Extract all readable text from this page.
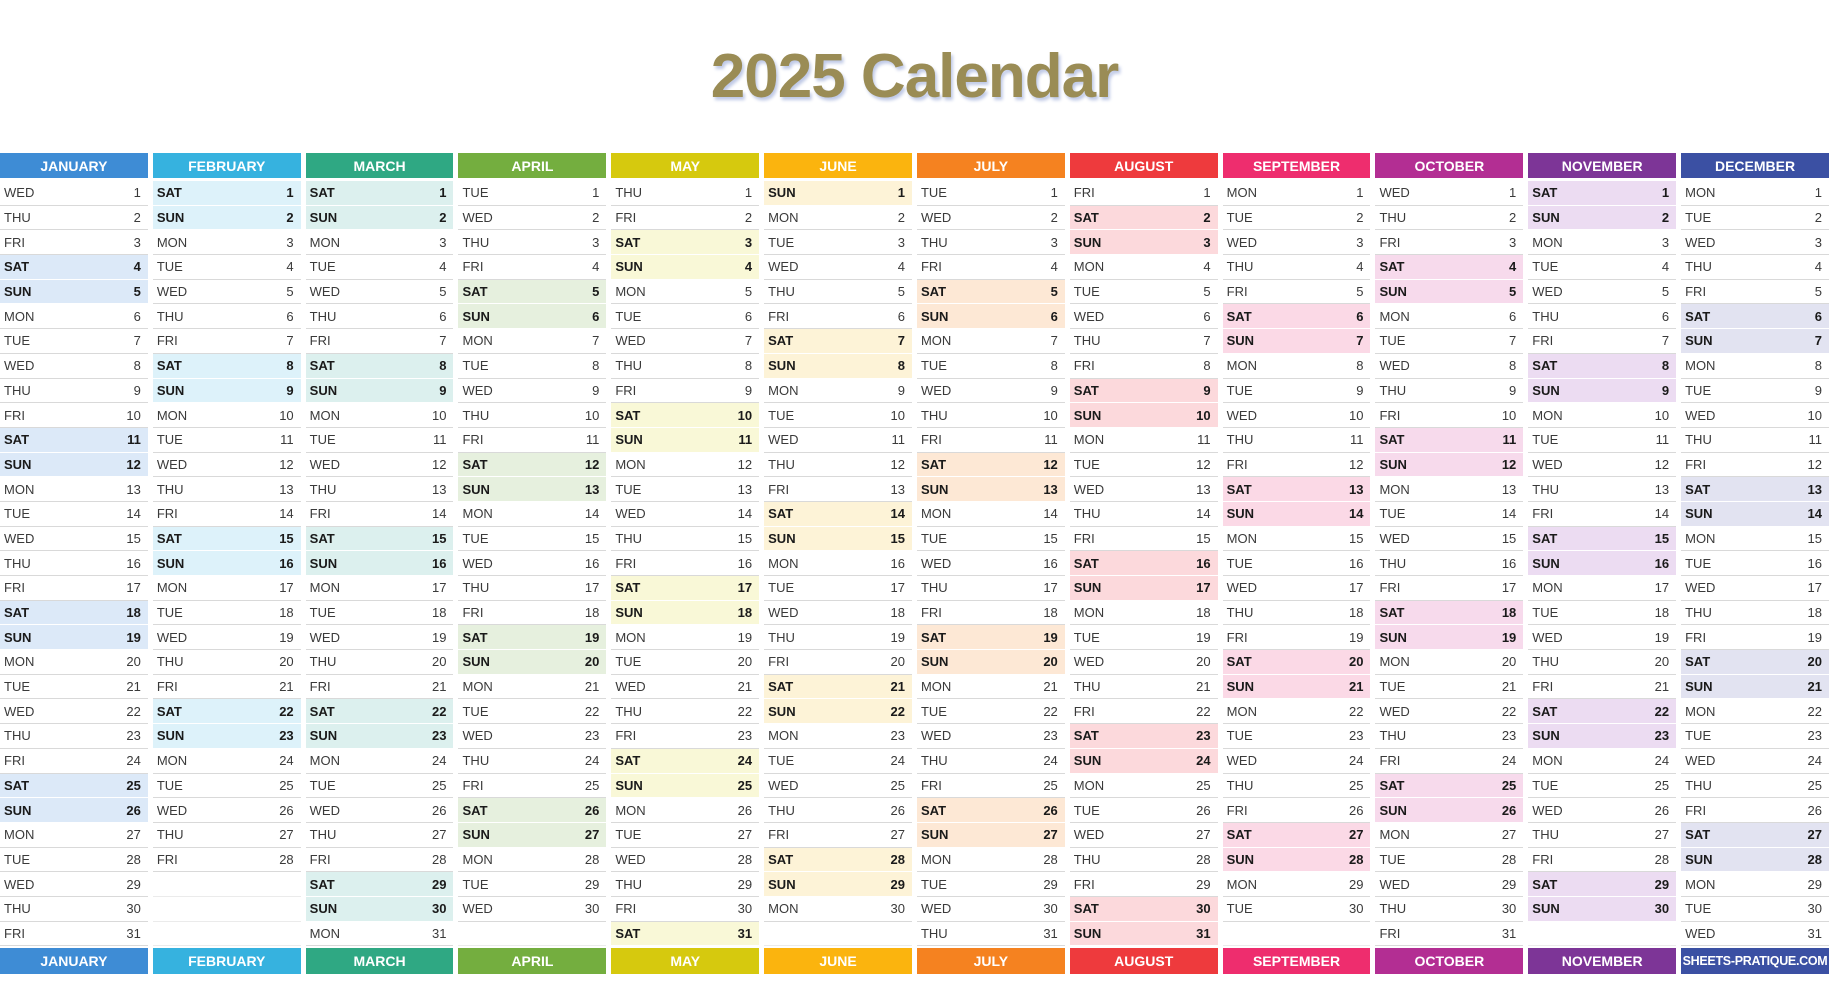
2025 Calendar
JANUARY
WED	1
THU	2
FRI	3
SAT	4
SUN	5
MON	6
TUE	7
WED	8
THU	9
FRI	10
SAT	11
SUN	12
MON	13
TUE	14
WED	15
THU	16
FRI	17
SAT	18
SUN	19
MON	20
TUE	21
WED	22
THU	23
FRI	24
SAT	25
SUN	26
MON	27
TUE	28
WED	29
THU	30
FRI	31
JANUARY
FEBRUARY
SAT	1
SUN	2
MON	3
TUE	4
WED	5
THU	6
FRI	7
SAT	8
SUN	9
MON	10
TUE	11
WED	12
THU	13
FRI	14
SAT	15
SUN	16
MON	17
TUE	18
WED	19
THU	20
FRI	21
SAT	22
SUN	23
MON	24
TUE	25
WED	26
THU	27
FRI	28
FEBRUARY
MARCH
SAT	1
SUN	2
MON	3
TUE	4
WED	5
THU	6
FRI	7
SAT	8
SUN	9
MON	10
TUE	11
WED	12
THU	13
FRI	14
SAT	15
SUN	16
MON	17
TUE	18
WED	19
THU	20
FRI	21
SAT	22
SUN	23
MON	24
TUE	25
WED	26
THU	27
FRI	28
SAT	29
SUN	30
MON	31
MARCH
APRIL
TUE	1
WED	2
THU	3
FRI	4
SAT	5
SUN	6
MON	7
TUE	8
WED	9
THU	10
FRI	11
SAT	12
SUN	13
MON	14
TUE	15
WED	16
THU	17
FRI	18
SAT	19
SUN	20
MON	21
TUE	22
WED	23
THU	24
FRI	25
SAT	26
SUN	27
MON	28
TUE	29
WED	30
APRIL
MAY
THU	1
FRI	2
SAT	3
SUN	4
MON	5
TUE	6
WED	7
THU	8
FRI	9
SAT	10
SUN	11
MON	12
TUE	13
WED	14
THU	15
FRI	16
SAT	17
SUN	18
MON	19
TUE	20
WED	21
THU	22
FRI	23
SAT	24
SUN	25
MON	26
TUE	27
WED	28
THU	29
FRI	30
SAT	31
MAY
JUNE
SUN	1
MON	2
TUE	3
WED	4
THU	5
FRI	6
SAT	7
SUN	8
MON	9
TUE	10
WED	11
THU	12
FRI	13
SAT	14
SUN	15
MON	16
TUE	17
WED	18
THU	19
FRI	20
SAT	21
SUN	22
MON	23
TUE	24
WED	25
THU	26
FRI	27
SAT	28
SUN	29
MON	30
JUNE
JULY
TUE	1
WED	2
THU	3
FRI	4
SAT	5
SUN	6
MON	7
TUE	8
WED	9
THU	10
FRI	11
SAT	12
SUN	13
MON	14
TUE	15
WED	16
THU	17
FRI	18
SAT	19
SUN	20
MON	21
TUE	22
WED	23
THU	24
FRI	25
SAT	26
SUN	27
MON	28
TUE	29
WED	30
THU	31
JULY
AUGUST
FRI	1
SAT	2
SUN	3
MON	4
TUE	5
WED	6
THU	7
FRI	8
SAT	9
SUN	10
MON	11
TUE	12
WED	13
THU	14
FRI	15
SAT	16
SUN	17
MON	18
TUE	19
WED	20
THU	21
FRI	22
SAT	23
SUN	24
MON	25
TUE	26
WED	27
THU	28
FRI	29
SAT	30
SUN	31
AUGUST
SEPTEMBER
MON	1
TUE	2
WED	3
THU	4
FRI	5
SAT	6
SUN	7
MON	8
TUE	9
WED	10
THU	11
FRI	12
SAT	13
SUN	14
MON	15
TUE	16
WED	17
THU	18
FRI	19
SAT	20
SUN	21
MON	22
TUE	23
WED	24
THU	25
FRI	26
SAT	27
SUN	28
MON	29
TUE	30
SEPTEMBER
OCTOBER
WED	1
THU	2
FRI	3
SAT	4
SUN	5
MON	6
TUE	7
WED	8
THU	9
FRI	10
SAT	11
SUN	12
MON	13
TUE	14
WED	15
THU	16
FRI	17
SAT	18
SUN	19
MON	20
TUE	21
WED	22
THU	23
FRI	24
SAT	25
SUN	26
MON	27
TUE	28
WED	29
THU	30
FRI	31
OCTOBER
NOVEMBER
SAT	1
SUN	2
MON	3
TUE	4
WED	5
THU	6
FRI	7
SAT	8
SUN	9
MON	10
TUE	11
WED	12
THU	13
FRI	14
SAT	15
SUN	16
MON	17
TUE	18
WED	19
THU	20
FRI	21
SAT	22
SUN	23
MON	24
TUE	25
WED	26
THU	27
FRI	28
SAT	29
SUN	30
NOVEMBER
DECEMBER
MON	1
TUE	2
WED	3
THU	4
FRI	5
SAT	6
SUN	7
MON	8
TUE	9
WED	10
THU	11
FRI	12
SAT	13
SUN	14
MON	15
TUE	16
WED	17
THU	18
FRI	19
SAT	20
SUN	21
MON	22
TUE	23
WED	24
THU	25
FRI	26
SAT	27
SUN	28
MON	29
TUE	30
WED	31
SHEETS-PRATIQUE.COM
